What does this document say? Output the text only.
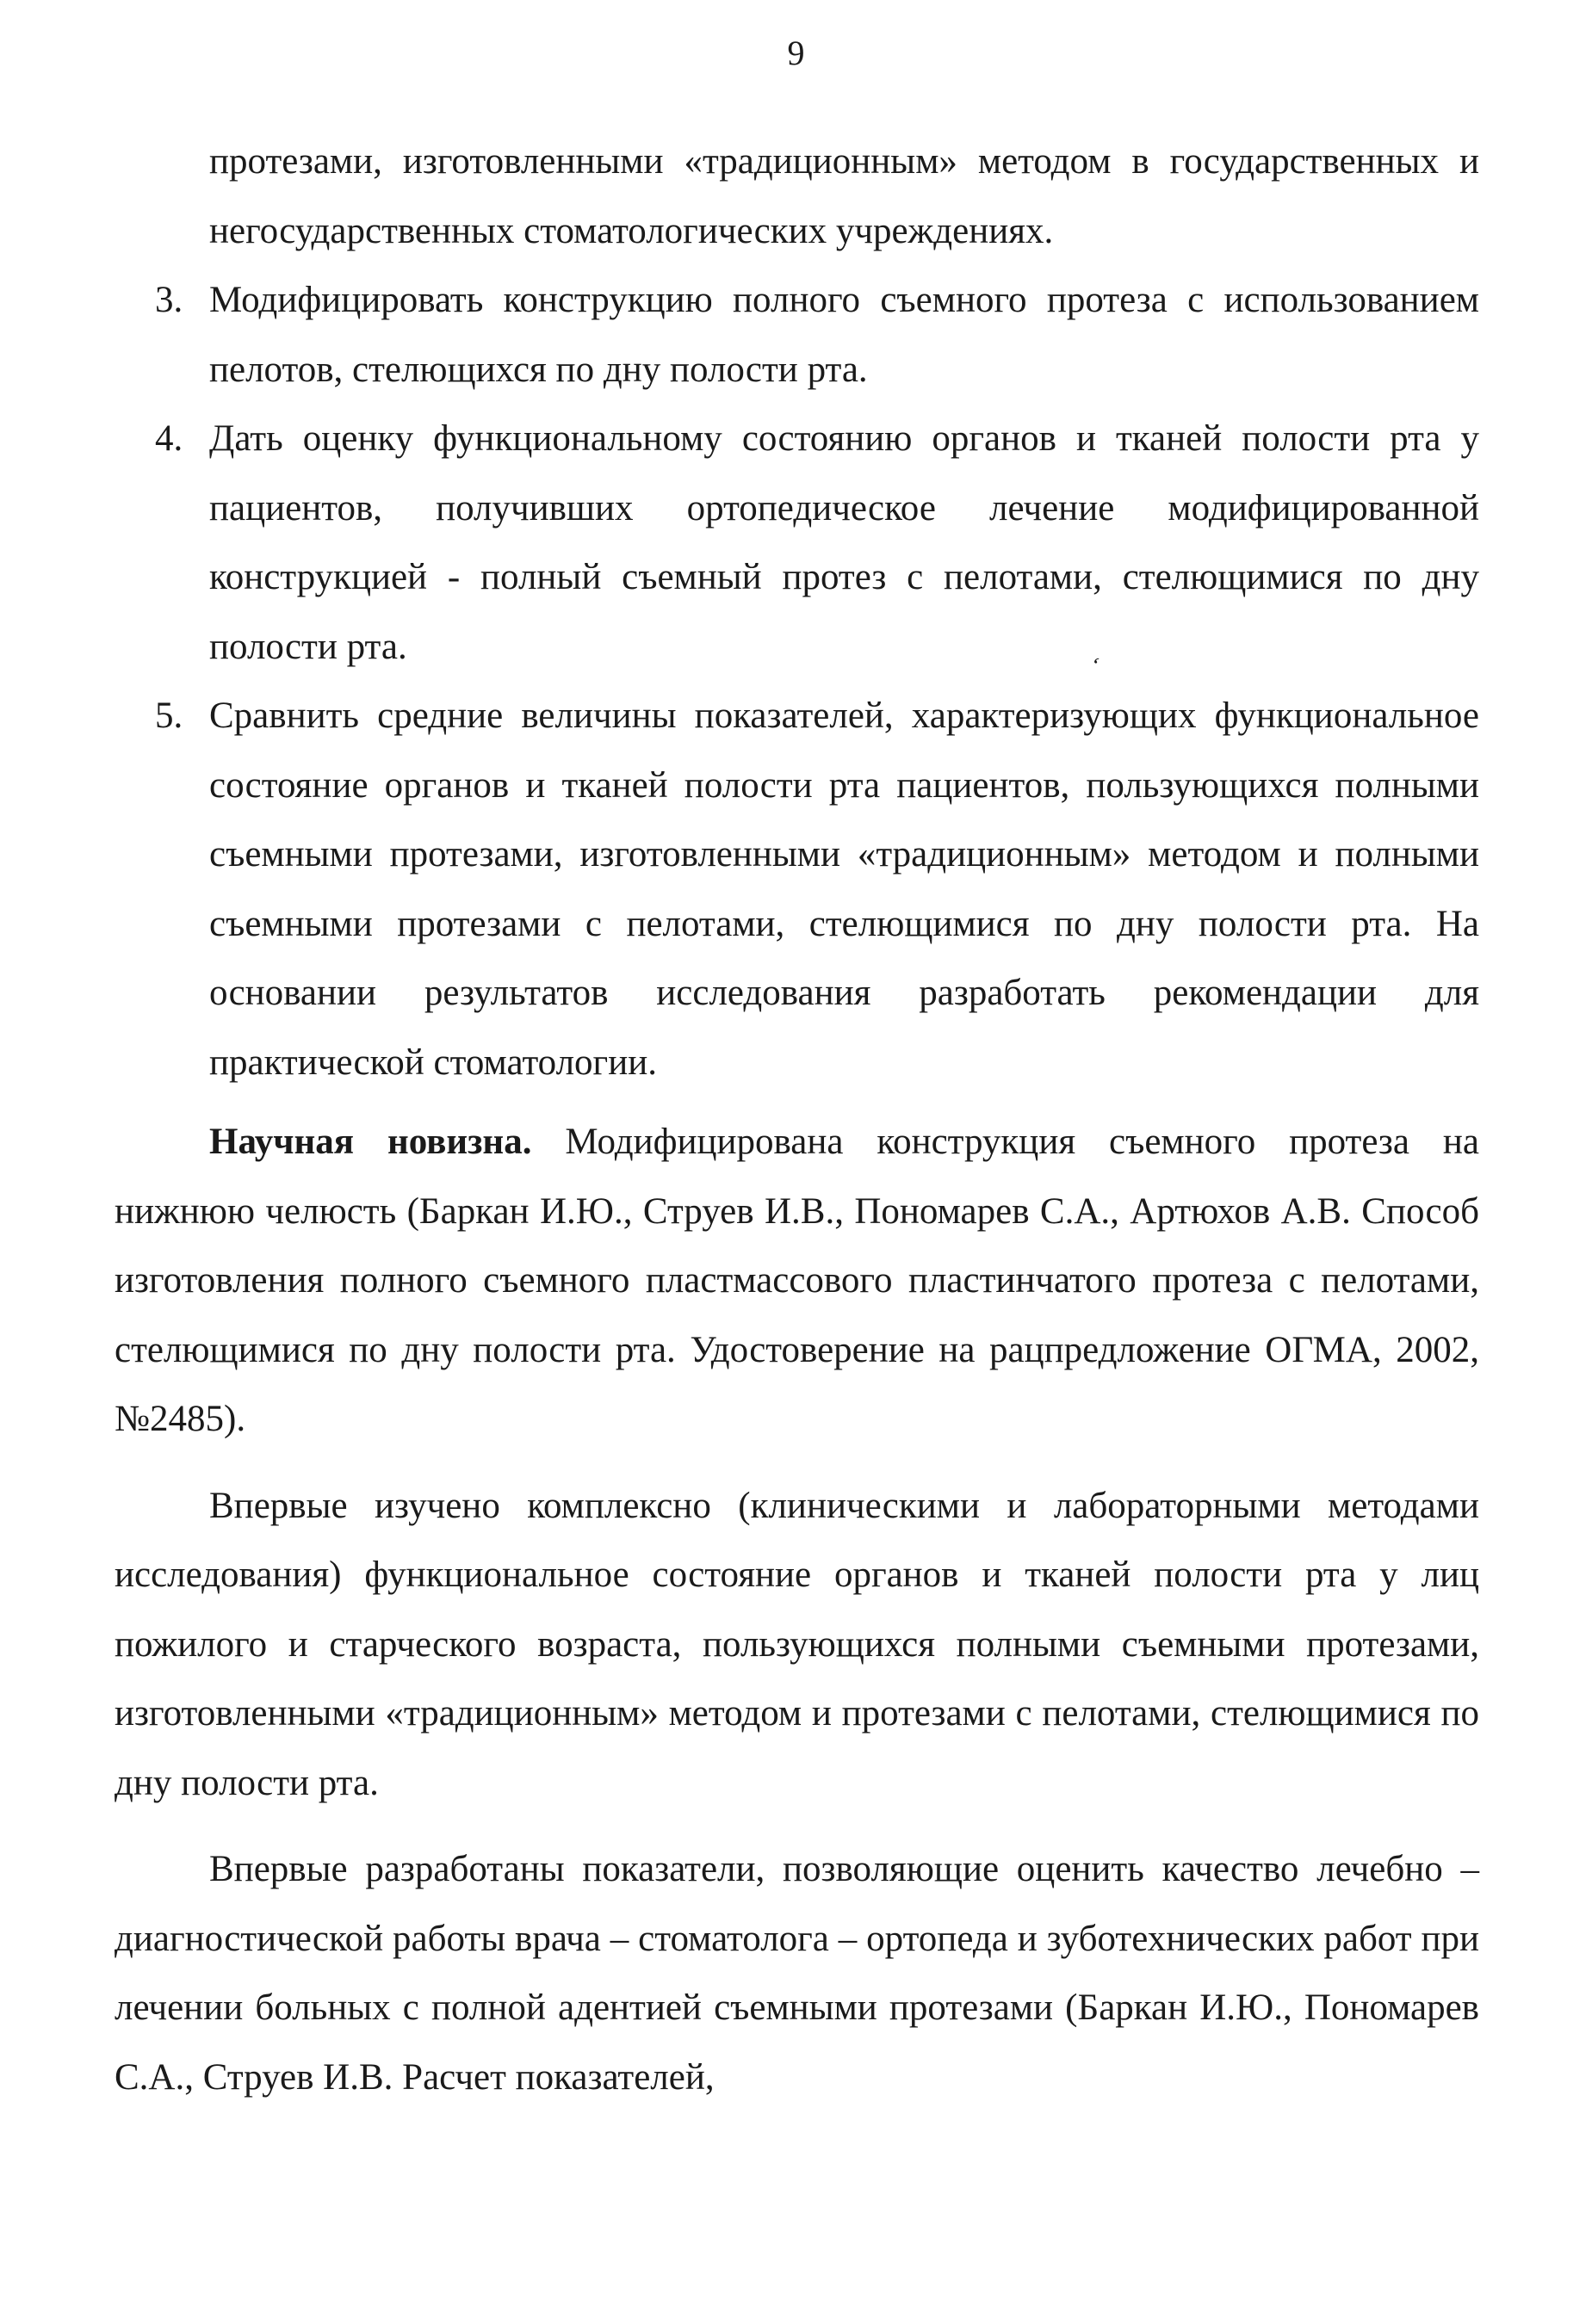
9

протезами, изготовленными «традиционным» методом в государственных и негосударственных стоматологических учреждениях.

3. Модифицировать конструкцию полного съемного протеза с использованием пелотов, стелющихся по дну полости рта.

4. Дать оценку функциональному состоянию органов и тканей полости рта у пациентов, получивших ортопедическое лечение модифицированной конструкцией - полный съемный протез с пелотами, стелющимися по дну полости рта.

5. Сравнить средние величины показателей, характеризующих функциональное состояние органов и тканей полости рта пациентов, пользующихся полными съемными протезами, изготовленными «традиционным» методом и полными съемными протезами с пелотами, стелющимися по дну полости рта. На основании результатов исследования разработать рекомендации для практической стоматологии.

Научная новизна. Модифицирована конструкция съемного протеза на нижнюю челюсть (Баркан И.Ю., Струев И.В., Пономарев С.А., Артюхов А.В. Способ изготовления полного съемного пластмассового пластинчатого протеза с пелотами, стелющимися по дну полости рта. Удостоверение на рацпредложение ОГМА, 2002, №2485).

Впервые изучено комплексно (клиническими и лабораторными методами исследования) функциональное состояние органов и тканей полости рта у лиц пожилого и старческого возраста, пользующихся полными съемными протезами, изготовленными «традиционным» методом и протезами с пелотами, стелющимися по дну полости рта.

Впервые разработаны показатели, позволяющие оценить качество лечебно – диагностической работы врача – стоматолога – ортопеда и зуботехнических работ при лечении больных с полной адентией съемными протезами (Баркан И.Ю., Пономарев С.А., Струев И.В. Расчет показателей,

‘
